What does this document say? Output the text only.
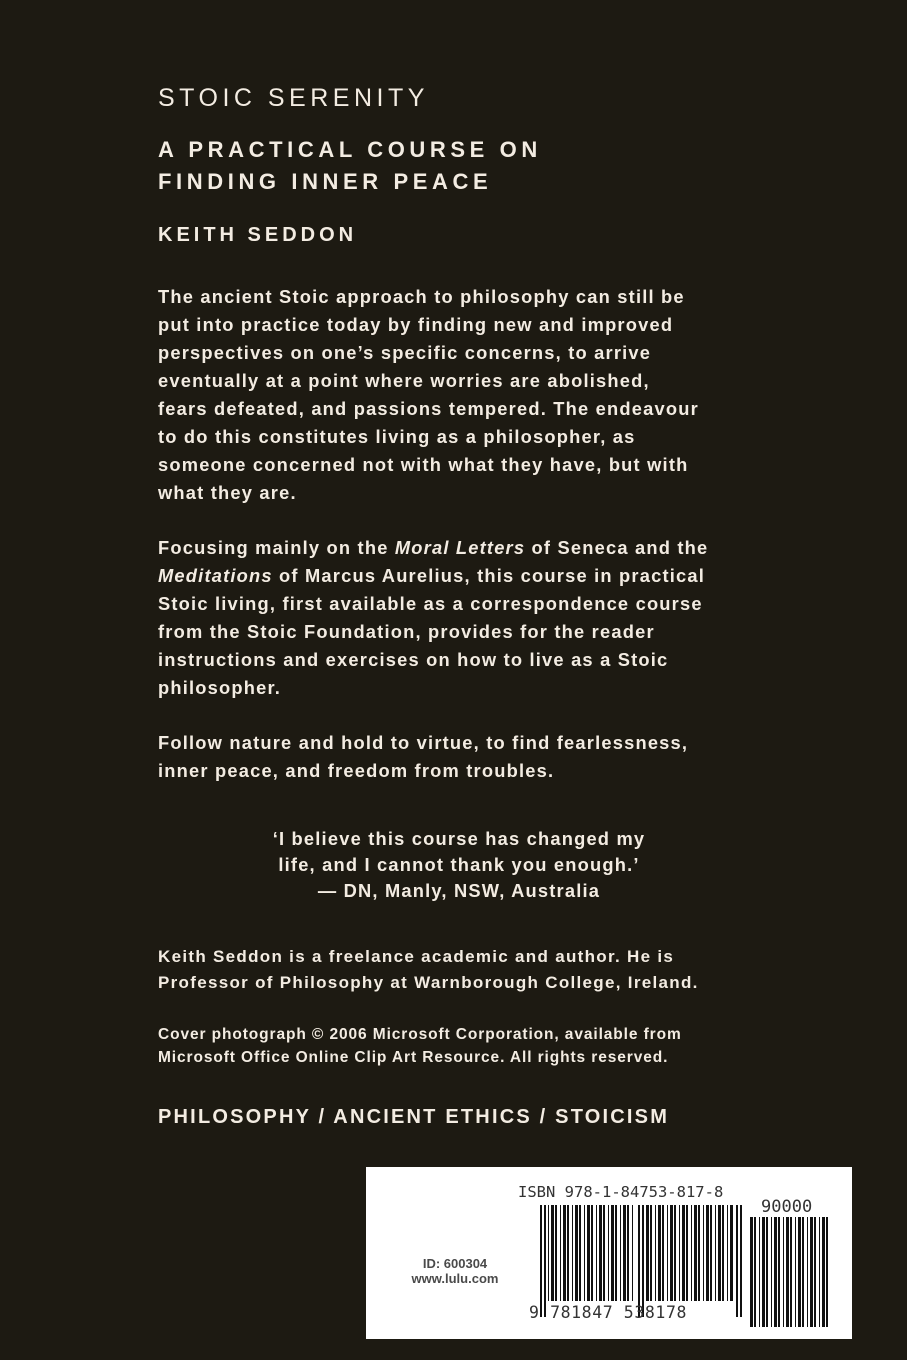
STOIC SERENITY
A PRACTICAL COURSE ON
FINDING INNER PEACE
KEITH SEDDON
The ancient Stoic approach to philosophy can still be
put into practice today by finding new and improved
perspectives on one’s specific concerns, to arrive
eventually at a point where worries are abolished,
fears defeated, and passions tempered. The endeavour
to do this constitutes living as a philosopher, as
someone concerned not with what they have, but with
what they are.
Focusing mainly on the Moral Letters of Seneca and the
Meditations of Marcus Aurelius, this course in practical
Stoic living, first available as a correspondence course
from the Stoic Foundation, provides for the reader
instructions and exercises on how to live as a Stoic
philosopher.
Follow nature and hold to virtue, to find fearlessness,
inner peace, and freedom from troubles.
‘I believe this course has changed my
life, and I cannot thank you enough.’
— DN, Manly, NSW, Australia
Keith Seddon is a freelance academic and author. He is
Professor of Philosophy at Warnborough College, Ireland.
Cover photograph © 2006 Microsoft Corporation, available from
Microsoft Office Online Clip Art Resource. All rights reserved.
PHILOSOPHY / ANCIENT ETHICS / STOICISM
ISBN 978-1-84753-817-8
90000
9 781847 538178
ID: 600304
www.lulu.com
